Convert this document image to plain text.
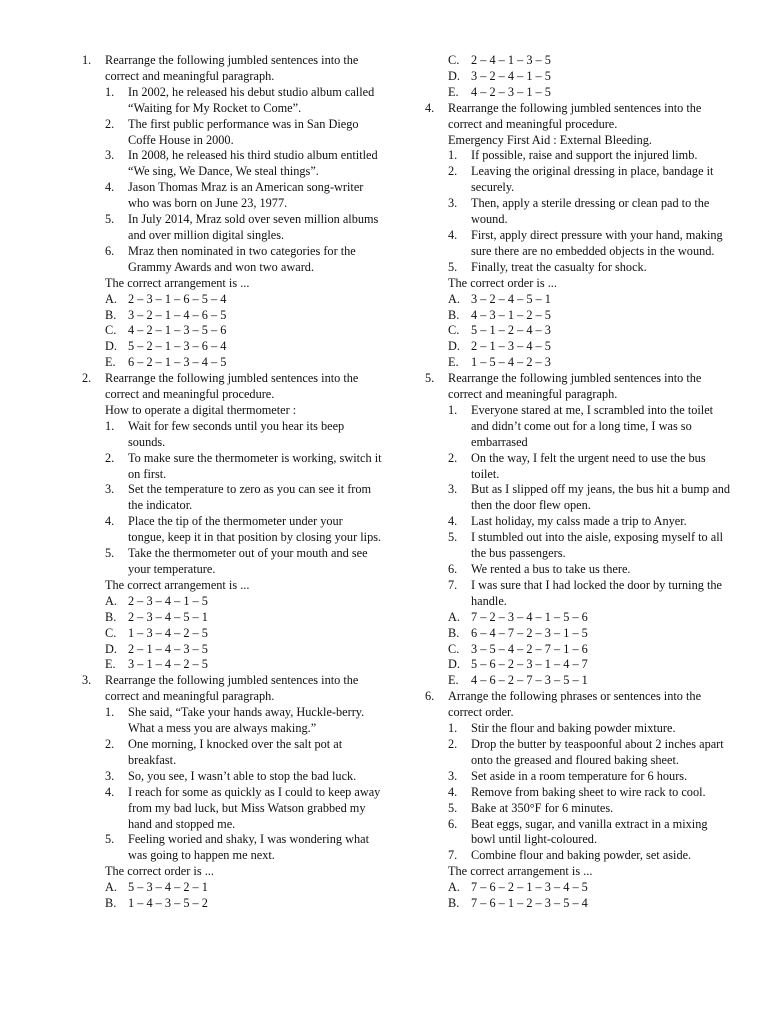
1.	Rearrange the following jumbled sentences into the correct and meaningful paragraph.
1.	In 2002, he released his debut studio album called “Waiting for My Rocket to Come”.
2.	The first public performance was in San Diego Coffe House in 2000.
3.	In 2008, he released his third studio album entitled “We sing, We Dance, We steal things”.
4.	Jason Thomas Mraz is an American song-writer who was born on June 23, 1977.
5.	In July 2014, Mraz sold over seven million albums and over million digital singles.
6.	Mraz then nominated in two categories for the Grammy Awards and won two award.
The correct arrangement is ...
A. 2 – 3 – 1 – 6 – 5 – 4
B. 3 – 2 – 1 – 4 – 6 – 5
C. 4 – 2 – 1 – 3 – 5 – 6
D. 5 – 2 – 1 – 3 – 6 – 4
E.	6 – 2 – 1 – 3 – 4 – 5
2.	Rearrange the following jumbled sentences into the correct and meaningful procedure.
How to operate a digital thermometer :
1.	Wait for few seconds until you hear its beep sounds.
2.	To make sure the thermometer is working, switch it on first.
3.	Set the temperature to zero as you can see it from the indicator.
4.	Place the tip of the thermometer under your tongue, keep it in that position by closing your lips.
5.	Take the thermometer out of your mouth and see your temperature.
The correct arrangement is ...
A. 2 – 3 – 4 – 1 – 5
B. 2 – 3 – 4 – 5 – 1
C. 1 – 3 – 4 – 2 – 5
D. 2 – 1 – 4 – 3 – 5
E.	3 – 1 – 4 – 2 – 5
3.	Rearrange the following jumbled sentences into the correct and meaningful paragraph.
1.	She said, “Take your hands away, Huckle-berry. What a mess you are always making.”
2.	One morning, I knocked over the salt pot at breakfast.
3.	So, you see, I wasn’t able to stop the bad luck.
4.	I reach for some as quickly as I could to keep away from my bad luck, but Miss Watson grabbed my hand and stopped me.
5.	Feeling woried and shaky, I was wondering what was going to happen me next.
The correct order is ...
A. 5 – 3 – 4 – 2 – 1
B. 1 – 4 – 3 – 5 – 2
C. 2 – 4 – 1 – 3 – 5
D. 3 – 2 – 4 – 1 – 5
E.	4 – 2 – 3 – 1 – 5
4.	Rearrange the following jumbled sentences into the correct and meaningful procedure.
Emergency First Aid : External Bleeding.
1.	If possible, raise and support the injured limb.
2.	Leaving the original dressing in place, bandage it securely.
3.	Then, apply a sterile dressing or clean pad to the wound.
4.	First, apply direct pressure with your hand, making sure there are no embedded objects in the wound.
5.	Finally, treat the casualty for shock.
The correct order is ...
A. 3 – 2 – 4 – 5 – 1
B. 4 – 3 – 1 – 2 – 5
C. 5 – 1 – 2 – 4 – 3
D. 2 – 1 – 3 – 4 – 5
E.	1 – 5 – 4 – 2 – 3
5.	Rearrange the following jumbled sentences into the correct and meaningful paragraph.
1.	Everyone stared at me, I scrambled into the toilet and didn’t come out for a long time, I was so embarrased
2.	On the way, I felt the urgent need to use the bus toilet.
3.	But as I slipped off my jeans, the bus hit a bump and then the door flew open.
4.	Last holiday, my calss made a trip to Anyer.
5.	I stumbled out into the aisle, exposing myself to all the bus passengers.
6.	We rented a bus to take us there.
7.	I was sure that I had locked the door by turning the handle.
A. 7 – 2 – 3 – 4 – 1 – 5 – 6
B. 6 – 4 – 7 – 2 – 3 – 1 – 5
C. 3 – 5 – 4 – 2 – 7 – 1 – 6
D. 5 – 6 – 2 – 3 – 1 – 4 – 7
E.	4 – 6 – 2 – 7 – 3 – 5 – 1
6.	Arrange the following phrases or sentences into the correct order.
1.	Stir the flour and baking powder mixture.
2.	Drop the butter by teaspoonful about 2 inches apart onto the greased and floured baking sheet.
3.	Set aside in a room temperature for 6 hours.
4.	Remove from baking sheet to wire rack to cool.
5.	Bake at 350°F for 6 minutes.
6.	Beat eggs, sugar, and vanilla extract in a mixing bowl until light-coloured.
7.	Combine flour and baking powder, set aside.
The correct arrangement is ...
A. 7 – 6 – 2 – 1 – 3 – 4 – 5
B. 7 – 6 – 1 – 2 – 3 – 5 – 4
